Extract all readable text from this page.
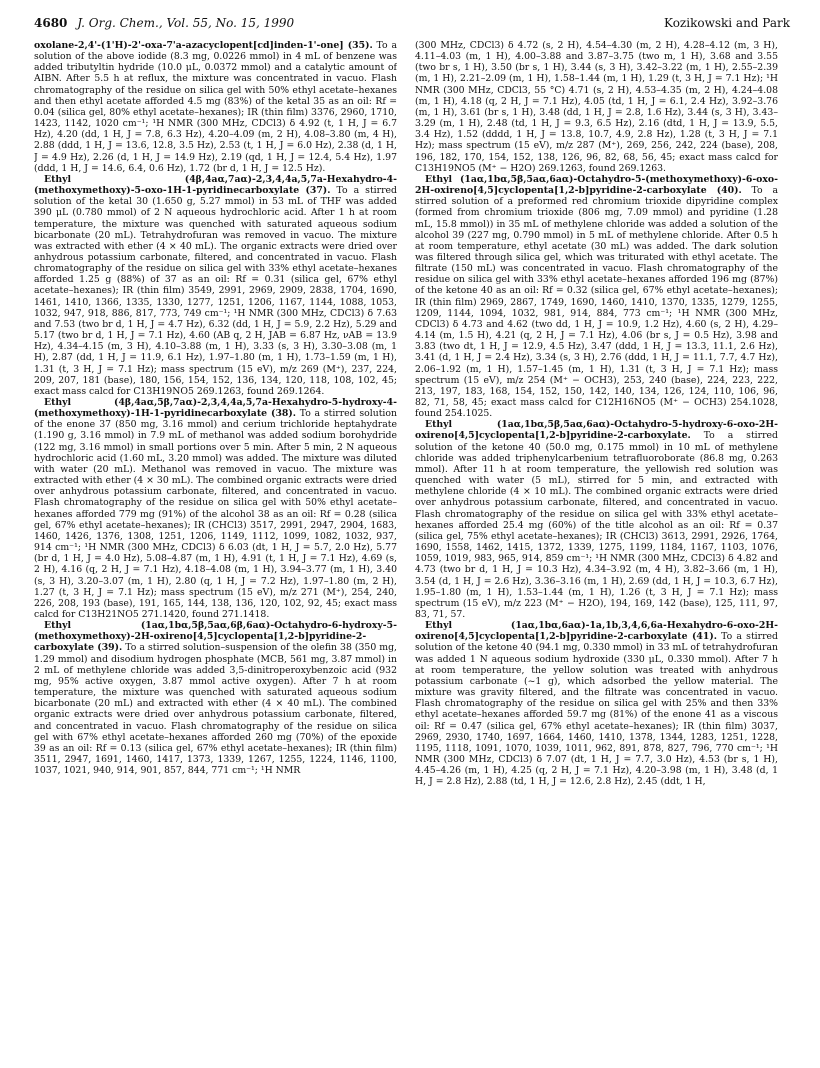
4680 J. Org. Chem., Vol. 55, No. 15, 1990	Kozikowski and Park

oxolane-2,4'-(1'H)-2'-oxa-7'a-azacyclopent[cd]inden-1'-one] (35). To a solution of the above iodide (8.3 mg, 0.0226 mmol) in 4 mL of benzene was added tributyltin hydride (10.0 μL, 0.0372 mmol) and a catalytic amount of AIBN. After 5.5 h at reflux, the mixture was concentrated in vacuo. Flash chromatography of the residue on silica gel with 50% ethyl acetate–hexanes and then ethyl acetate afforded 4.5 mg (83%) of the ketal 35 as an oil: Rf = 0.04 (silica gel, 80% ethyl acetate–hexanes); IR (thin film) 3376, 2960, 1710, 1423, 1142, 1020 cm⁻¹; ¹H NMR (300 MHz, CDCl3) δ 4.92 (t, 1 H, J = 6.7 Hz), 4.20 (dd, 1 H, J = 7.8, 6.3 Hz), 4.20–4.09 (m, 2 H), 4.08–3.80 (m, 4 H), 2.88 (ddd, 1 H, J = 13.6, 12.8, 3.5 Hz), 2.53 (t, 1 H, J = 6.0 Hz), 2.38 (d, 1 H, J = 4.9 Hz), 2.26 (d, 1 H, J = 14.9 Hz), 2.19 (qd, 1 H, J = 12.4, 5.4 Hz), 1.97 (ddd, 1 H, J = 14.6, 6.4, 0.6 Hz), 1.72 (br d, 1 H, J = 12.5 Hz).

Ethyl (4β,4aα,7aα)-2,3,4,4a,5,7a-Hexahydro-4-(methoxymethoxy)-5-oxo-1H-1-pyridinecarboxylate (37). To a stirred solution of the ketal 30 (1.650 g, 5.27 mmol) in 53 mL of THF was added 390 μL (0.780 mmol) of 2 N aqueous hydrochloric acid. After 1 h at room temperature, the mixture was quenched with saturated aqueous sodium bicarbonate (20 mL). Tetrahydrofuran was removed in vacuo. The mixture was extracted with ether (4 × 40 mL). The organic extracts were dried over anhydrous potassium carbonate, filtered, and concentrated in vacuo. Flash chromatography of the residue on silica gel with 33% ethyl acetate–hexanes afforded 1.25 g (88%) of 37 as an oil: Rf = 0.31 (silica gel, 67% ethyl acetate–hexanes); IR (thin film) 3549, 2991, 2969, 2909, 2838, 1704, 1690, 1461, 1410, 1366, 1335, 1330, 1277, 1251, 1206, 1167, 1144, 1088, 1053, 1032, 947, 918, 886, 817, 773, 749 cm⁻¹; ¹H NMR (300 MHz, CDCl3) δ 7.63 and 7.53 (two br d, 1 H, J = 4.7 Hz), 6.32 (dd, 1 H, J = 5.9, 2.2 Hz), 5.29 and 5.17 (two br d, 1 H, J = 7.1 Hz), 4.60 (AB q, 2 H, JAB = 6.87 Hz, νAB = 13.9 Hz), 4.34–4.15 (m, 3 H), 4.10–3.88 (m, 1 H), 3.33 (s, 3 H), 3.30–3.08 (m, 1 H), 2.87 (dd, 1 H, J = 11.9, 6.1 Hz), 1.97–1.80 (m, 1 H), 1.73–1.59 (m, 1 H), 1.31 (t, 3 H, J = 7.1 Hz); mass spectrum (15 eV), m/z 269 (M⁺), 237, 224, 209, 207, 181 (base), 180, 156, 154, 152, 136, 134, 120, 118, 108, 102, 45; exact mass calcd for C13H19NO5 269.1263, found 269.1264.

Ethyl (4β,4aα,5β,7aα)-2,3,4,4a,5,7a-Hexahydro-5-hydroxy-4-(methoxymethoxy)-1H-1-pyridinecarboxylate (38). To a stirred solution of the enone 37 (850 mg, 3.16 mmol) and cerium trichloride heptahydrate (1.190 g, 3.16 mmol) in 7.9 mL of methanol was added sodium borohydride (122 mg, 3.16 mmol) in small portions over 5 min. After 5 min, 2 N aqueous hydrochloric acid (1.60 mL, 3.20 mmol) was added. The mixture was diluted with water (20 mL). Methanol was removed in vacuo. The mixture was extracted with ether (4 × 30 mL). The combined organic extracts were dried over anhydrous potassium carbonate, filtered, and concentrated in vacuo. Flash chromatography of the residue on silica gel with 50% ethyl acetate–hexanes afforded 779 mg (91%) of the alcohol 38 as an oil: Rf = 0.28 (silica gel, 67% ethyl acetate–hexanes); IR (CHCl3) 3517, 2991, 2947, 2904, 1683, 1460, 1426, 1376, 1308, 1251, 1206, 1149, 1112, 1099, 1082, 1032, 937, 914 cm⁻¹; ¹H NMR (300 MHz, CDCl3) δ 6.03 (dt, 1 H, J = 5.7, 2.0 Hz), 5.77 (br d, 1 H, J = 4.0 Hz), 5.08–4.87 (m, 1 H), 4.91 (t, 1 H, J = 7.1 Hz), 4.69 (s, 2 H), 4.16 (q, 2 H, J = 7.1 Hz), 4.18–4.08 (m, 1 H), 3.94–3.77 (m, 1 H), 3.40 (s, 3 H), 3.20–3.07 (m, 1 H), 2.80 (q, 1 H, J = 7.2 Hz), 1.97–1.80 (m, 2 H), 1.27 (t, 3 H, J = 7.1 Hz); mass spectrum (15 eV), m/z 271 (M⁺), 254, 240, 226, 208, 193 (base), 191, 165, 144, 138, 136, 120, 102, 92, 45; exact mass calcd for C13H21NO5 271.1420, found 271.1418.

Ethyl (1aα,1bα,5β,5aα,6β,6aα)-Octahydro-6-hydroxy-5-(methoxymethoxy)-2H-oxireno[4,5]cyclopenta[1,2-b]pyridine-2-carboxylate (39). To a stirred solution–suspension of the olefin 38 (350 mg, 1.29 mmol) and disodium hydrogen phosphate (MCB, 561 mg, 3.87 mmol) in 2 mL of methylene chloride was added 3,5-dinitroperoxybenzoic acid (932 mg, 95% active oxygen, 3.87 mmol active oxygen). After 7 h at room temperature, the mixture was quenched with saturated aqueous sodium bicarbonate (20 mL) and extracted with ether (4 × 40 mL). The combined organic extracts were dried over anhydrous potassium carbonate, filtered, and concentrated in vacuo. Flash chromatography of the residue on silica gel with 67% ethyl acetate–hexanes afforded 260 mg (70%) of the epoxide 39 as an oil: Rf = 0.13 (silica gel, 67% ethyl acetate–hexanes); IR (thin film) 3511, 2947, 1691, 1460, 1417, 1373, 1339, 1267, 1255, 1224, 1146, 1100, 1037, 1021, 940, 914, 901, 857, 844, 771 cm⁻¹; ¹H NMR

(300 MHz, CDCl3) δ 4.72 (s, 2 H), 4.54–4.30 (m, 2 H), 4.28–4.12 (m, 3 H), 4.11–4.03 (m, 1 H), 4.00–3.88 and 3.87–3.75 (two m, 1 H), 3.68 and 3.55 (two br s, 1 H), 3.50 (br s, 1 H), 3.44 (s, 3 H), 3.42–3.22 (m, 1 H), 2.55–2.39 (m, 1 H), 2.21–2.09 (m, 1 H), 1.58–1.44 (m, 1 H), 1.29 (t, 3 H, J = 7.1 Hz); ¹H NMR (300 MHz, CDCl3, 55 °C) 4.71 (s, 2 H), 4.53–4.35 (m, 2 H), 4.24–4.08 (m, 1 H), 4.18 (q, 2 H, J = 7.1 Hz), 4.05 (td, 1 H, J = 6.1, 2.4 Hz), 3.92–3.76 (m, 1 H), 3.61 (br s, 1 H), 3.48 (dd, 1 H, J = 2.8, 1.6 Hz), 3.44 (s, 3 H), 3.43–3.29 (m, 1 H), 2.48 (td, 1 H, J = 9.3, 6.5 Hz), 2.16 (dtd, 1 H, J = 13.9, 5.5, 3.4 Hz), 1.52 (dddd, 1 H, J = 13.8, 10.7, 4.9, 2.8 Hz), 1.28 (t, 3 H, J = 7.1 Hz); mass spectrum (15 eV), m/z 287 (M⁺), 269, 256, 242, 224 (base), 208, 196, 182, 170, 154, 152, 138, 126, 96, 82, 68, 56, 45; exact mass calcd for C13H19NO5 (M⁺ − H2O) 269.1263, found 269.1263.

Ethyl (1aα,1bα,5β,5aα,6aα)-Octahydro-5-(methoxymethoxy)-6-oxo-2H-oxireno[4,5]cyclopenta[1,2-b]pyridine-2-carboxylate (40). To a stirred solution of a preformed red chromium trioxide dipyridine complex (formed from chromium trioxide (806 mg, 7.09 mmol) and pyridine (1.28 mL, 15.8 mmol)) in 35 mL of methylene chloride was added a solution of the alcohol 39 (227 mg, 0.790 mmol) in 5 mL of methylene chloride. After 0.5 h at room temperature, ethyl acetate (30 mL) was added. The dark solution was filtered through silica gel, which was triturated with ethyl acetate. The filtrate (150 mL) was concentrated in vacuo. Flash chromatography of the residue on silica gel with 33% ethyl acetate–hexanes afforded 196 mg (87%) of the ketone 40 as an oil: Rf = 0.32 (silica gel, 67% ethyl acetate–hexanes); IR (thin film) 2969, 2867, 1749, 1690, 1460, 1410, 1370, 1335, 1279, 1255, 1209, 1144, 1094, 1032, 981, 914, 884, 773 cm⁻¹; ¹H NMR (300 MHz, CDCl3) δ 4.73 and 4.62 (two dd, 1 H, J = 10.9, 1.2 Hz), 4.60 (s, 2 H), 4.29–4.14 (m, 1.5 H), 4.21 (q, 2 H, J = 7.1 Hz), 4.06 (br s, J = 0.5 Hz), 3.98 and 3.83 (two dt, 1 H, J = 12.9, 4.5 Hz), 3.47 (ddd, 1 H, J = 13.3, 11.1, 2.6 Hz), 3.41 (d, 1 H, J = 2.4 Hz), 3.34 (s, 3 H), 2.76 (ddd, 1 H, J = 11.1, 7.7, 4.7 Hz), 2.06–1.92 (m, 1 H), 1.57–1.45 (m, 1 H), 1.31 (t, 3 H, J = 7.1 Hz); mass spectrum (15 eV), m/z 254 (M⁺ − OCH3), 253, 240 (base), 224, 223, 222, 213, 197, 183, 168, 154, 152, 150, 142, 140, 134, 126, 124, 110, 106, 96, 82, 71, 58, 45; exact mass calcd for C12H16NO5 (M⁺ − OCH3) 254.1028, found 254.1025.

Ethyl (1aα,1bα,5β,5aα,6aα)-Octahydro-5-hydroxy-6-oxo-2H-oxireno[4,5]cyclopenta[1,2-b]pyridine-2-carboxylate. To a stirred solution of the ketone 40 (50.0 mg, 0.175 mmol) in 10 mL of methylene chloride was added triphenylcarbenium tetrafluoroborate (86.8 mg, 0.263 mmol). After 11 h at room temperature, the yellowish red solution was quenched with water (5 mL), stirred for 5 min, and extracted with methylene chloride (4 × 10 mL). The combined organic extracts were dried over anhydrous potassium carbonate, filtered, and concentrated in vacuo. Flash chromatography of the residue on silica gel with 33% ethyl acetate–hexanes afforded 25.4 mg (60%) of the title alcohol as an oil: Rf = 0.37 (silica gel, 75% ethyl acetate–hexanes); IR (CHCl3) 3613, 2991, 2926, 1764, 1690, 1558, 1462, 1415, 1372, 1339, 1275, 1199, 1184, 1167, 1103, 1076, 1059, 1019, 983, 965, 914, 859 cm⁻¹; ¹H NMR (300 MHz, CDCl3) δ 4.82 and 4.73 (two br d, 1 H, J = 10.3 Hz), 4.34–3.92 (m, 4 H), 3.82–3.66 (m, 1 H), 3.54 (d, 1 H, J = 2.6 Hz), 3.36–3.16 (m, 1 H), 2.69 (dd, 1 H, J = 10.3, 6.7 Hz), 1.95–1.80 (m, 1 H), 1.53–1.44 (m, 1 H), 1.26 (t, 3 H, J = 7.1 Hz); mass spectrum (15 eV), m/z 223 (M⁺ − H2O), 194, 169, 142 (base), 125, 111, 97, 83, 71, 57.

Ethyl (1aα,1bα,6aα)-1a,1b,3,4,6,6a-Hexahydro-6-oxo-2H-oxireno[4,5]cyclopenta[1,2-b]pyridine-2-carboxylate (41). To a stirred solution of the ketone 40 (94.1 mg, 0.330 mmol) in 33 mL of tetrahydrofuran was added 1 N aqueous sodium hydroxide (330 μL, 0.330 mmol). After 7 h at room temperature, the yellow solution was treated with anhydrous potassium carbonate (~1 g), which adsorbed the yellow material. The mixture was gravity filtered, and the filtrate was concentrated in vacuo. Flash chromatography of the residue on silica gel with 25% and then 33% ethyl acetate–hexanes afforded 59.7 mg (81%) of the enone 41 as a viscous oil: Rf = 0.47 (silica gel, 67% ethyl acetate–hexanes); IR (thin film) 3037, 2969, 2930, 1740, 1697, 1664, 1460, 1410, 1378, 1344, 1283, 1251, 1228, 1195, 1118, 1091, 1070, 1039, 1011, 962, 891, 878, 827, 796, 770 cm⁻¹; ¹H NMR (300 MHz, CDCl3) δ 7.07 (dt, 1 H, J = 7.7, 3.0 Hz), 4.53 (br s, 1 H), 4.45–4.26 (m, 1 H), 4.25 (q, 2 H, J = 7.1 Hz), 4.20–3.98 (m, 1 H), 3.48 (d, 1 H, J = 2.8 Hz), 2.88 (td, 1 H, J = 12.6, 2.8 Hz), 2.45 (ddt, 1 H,
